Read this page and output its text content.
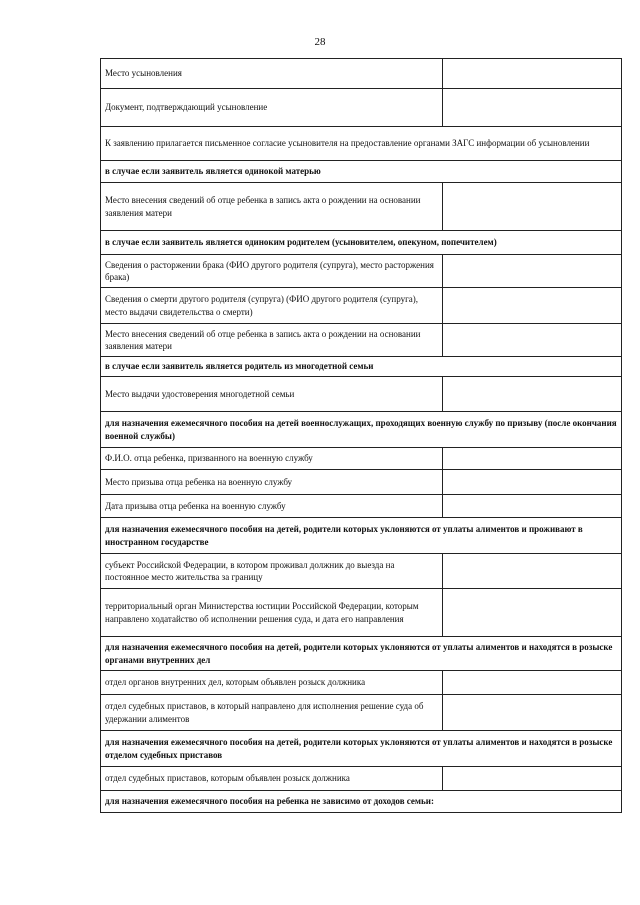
28
Место усыновления	
Документ, подтверждающий усыновление	
К заявлению прилагается письменное согласие усыновителя на предоставление органами ЗАГС информации об усыновлении	
в случае если заявитель является одинокой матерью	
Место внесения сведений об отце ребенка в запись акта о рождении на основании заявления матери	
в случае если заявитель является одиноким родителем (усыновителем, опекуном, попечителем)	
Сведения о расторжении брака (ФИО другого родителя (супруга), место расторжения брака)	
Сведения о смерти другого родителя (супруга) (ФИО другого родителя (супруга), место выдачи свидетельства о смерти)	
Место внесения сведений об отце ребенка в запись акта о рождении на основании заявления матери	
в случае если заявитель является родитель из многодетной семьи	
Место выдачи удостоверения многодетной семьи	
для назначения ежемесячного пособия на детей военнослужащих, проходящих военную службу по призыву (после окончания военной службы)	
Ф.И.О. отца ребенка, призванного на военную службу	
Место призыва отца ребенка на военную службу	
Дата призыва отца ребенка на военную службу	
для назначения ежемесячного пособия на детей, родители которых уклоняются от уплаты алиментов и проживают в иностранном государстве	
субъект Российской Федерации, в котором проживал должник до выезда на постоянное место жительства за границу	
территориальный орган Министерства юстиции Российской Федерации, которым направлено ходатайство об исполнении решения суда, и дата его направления	
для назначения ежемесячного пособия на детей, родители которых уклоняются от уплаты алиментов и находятся в розыске органами внутренних дел	
отдел органов внутренних дел, которым объявлен розыск должника	
отдел судебных приставов, в который направлено для исполнения решение суда об удержании алиментов	
для назначения ежемесячного пособия на детей, родители которых уклоняются от уплаты алиментов и находятся в розыске отделом судебных приставов	
отдел судебных приставов, которым объявлен розыск должника	
для назначения ежемесячного пособия на ребенка не зависимо от доходов семьи:	
